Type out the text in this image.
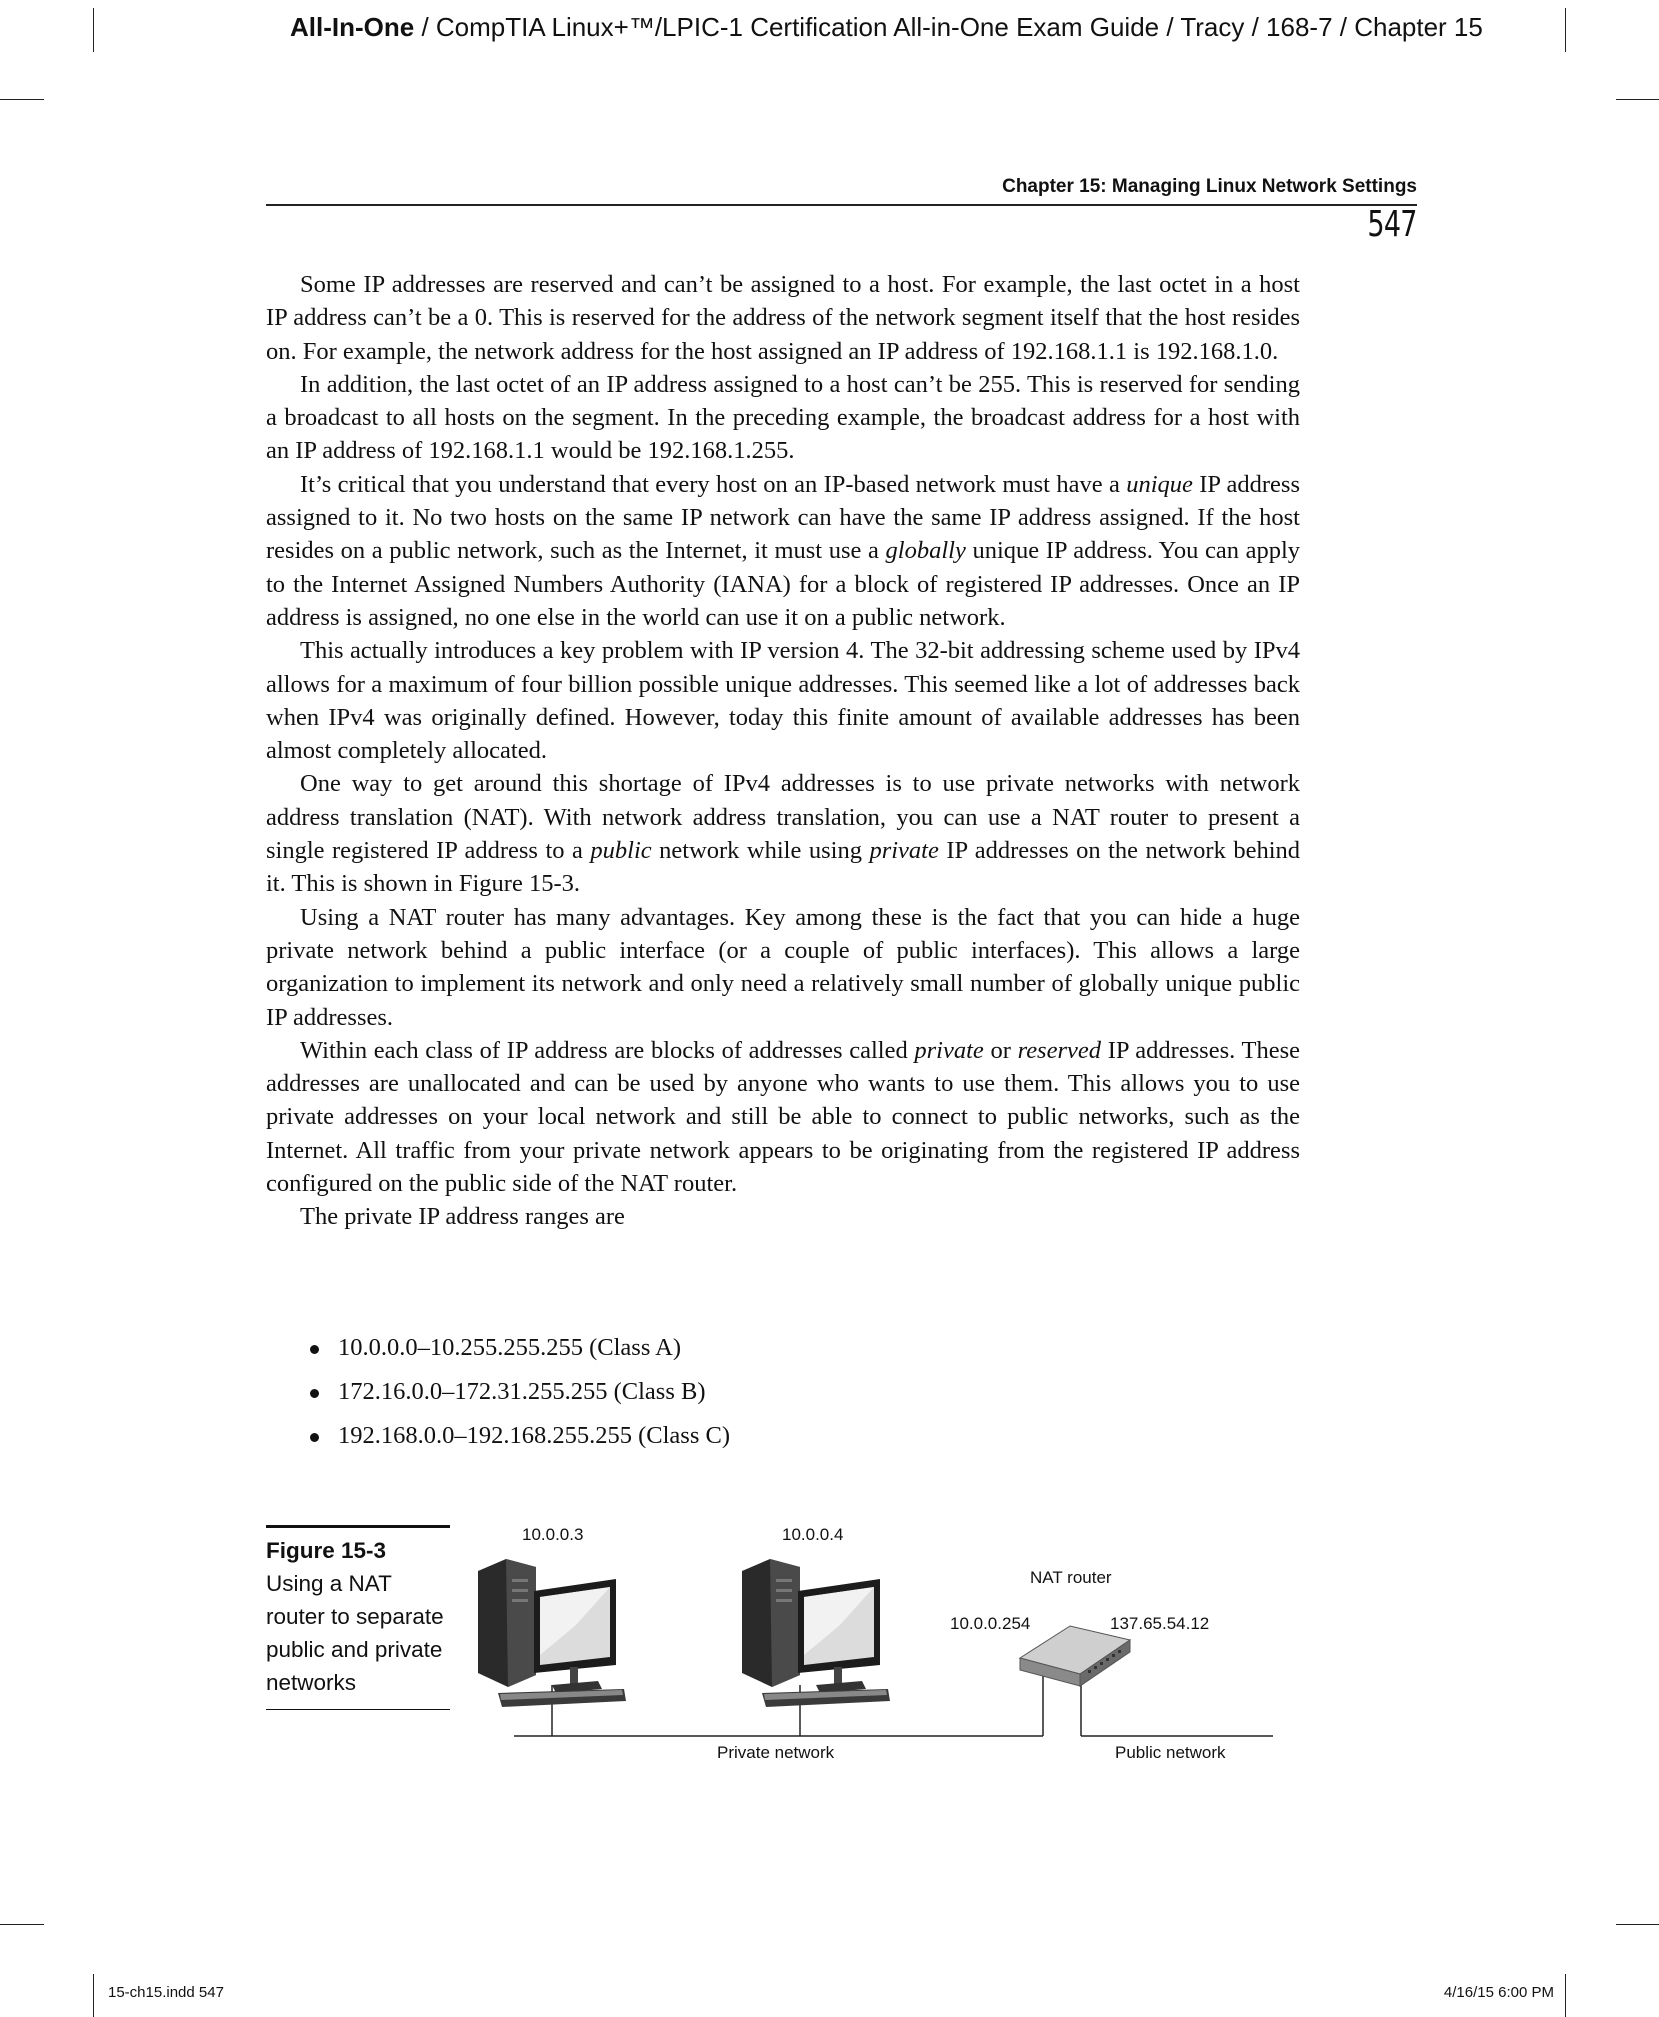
All-In-One / CompTIA Linux+™/LPIC-1 Certification All-in-One Exam Guide / Tracy / 168-7 / Chapter 15
Chapter 15: Managing Linux Network Settings
547

Some IP addresses are reserved and can’t be assigned to a host. For example, the last octet in a host IP address can’t be a 0. This is reserved for the address of the network segment itself that the host resides on. For example, the network address for the host assigned an IP address of 192.168.1.1 is 192.168.1.0.

In addition, the last octet of an IP address assigned to a host can’t be 255. This is reserved for sending a broadcast to all hosts on the segment. In the preceding example, the broadcast address for a host with an IP address of 192.168.1.1 would be 192.168.1.255.

It’s critical that you understand that every host on an IP-based network must have a unique IP address assigned to it. No two hosts on the same IP network can have the same IP address assigned. If the host resides on a public network, such as the Internet, it must use a globally unique IP address. You can apply to the Internet Assigned Numbers Authority (IANA) for a block of registered IP addresses. Once an IP address is assigned, no one else in the world can use it on a public network.

This actually introduces a key problem with IP version 4. The 32-bit addressing scheme used by IPv4 allows for a maximum of four billion possible unique addresses. This seemed like a lot of addresses back when IPv4 was originally defined. However, today this finite amount of available addresses has been almost completely allocated.

One way to get around this shortage of IPv4 addresses is to use private networks with network address translation (NAT). With network address translation, you can use a NAT router to present a single registered IP address to a public network while using private IP addresses on the network behind it. This is shown in Figure 15-3.

Using a NAT router has many advantages. Key among these is the fact that you can hide a huge private network behind a public interface (or a couple of public interfaces). This allows a large organization to implement its network and only need a relatively small number of globally unique public IP addresses.

Within each class of IP address are blocks of addresses called private or reserved IP addresses. These addresses are unallocated and can be used by anyone who wants to use them. This allows you to use private addresses on your local network and still be able to connect to public networks, such as the Internet. All traffic from your private network appears to be originating from the registered IP address configured on the public side of the NAT router.

The private IP address ranges are

10.0.0.0–10.255.255.255 (Class A)
172.16.0.0–172.31.255.255 (Class B)
192.168.0.0–192.168.255.255 (Class C)
Figure 15-3
Using a NAT router to separate public and private networks
10.0.0.3	10.0.0.4
NAT router
10.0.0.254	137.65.54.12
Private network	Public network
15-ch15.indd 547	4/16/15 6:00 PM
